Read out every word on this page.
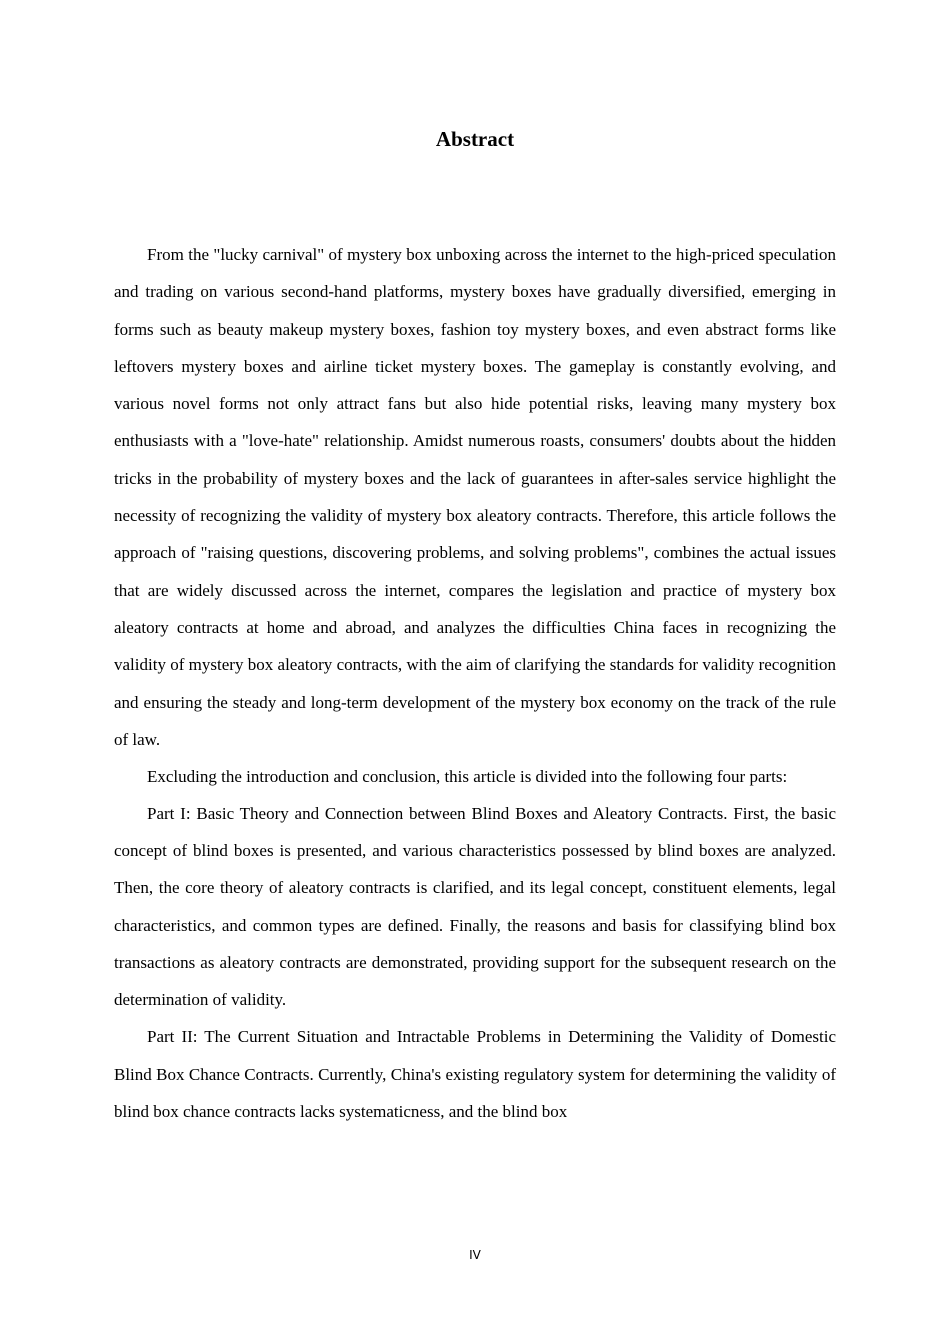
Abstract

From the "lucky carnival" of mystery box unboxing across the internet to the high-priced speculation and trading on various second-hand platforms, mystery boxes have gradually diversified, emerging in forms such as beauty makeup mystery boxes, fashion toy mystery boxes, and even abstract forms like leftovers mystery boxes and airline ticket mystery boxes. The gameplay is constantly evolving, and various novel forms not only attract fans but also hide potential risks, leaving many mystery box enthusiasts with a "love-hate" relationship. Amidst numerous roasts, consumers' doubts about the hidden tricks in the probability of mystery boxes and the lack of guarantees in after-sales service highlight the necessity of recognizing the validity of mystery box aleatory contracts. Therefore, this article follows the approach of "raising questions, discovering problems, and solving problems", combines the actual issues that are widely discussed across the internet, compares the legislation and practice of mystery box aleatory contracts at home and abroad, and analyzes the difficulties China faces in recognizing the validity of mystery box aleatory contracts, with the aim of clarifying the standards for validity recognition and ensuring the steady and long-term development of the mystery box economy on the track of the rule of law.

Excluding the introduction and conclusion, this article is divided into the following four parts:

Part I: Basic Theory and Connection between Blind Boxes and Aleatory Contracts. First, the basic concept of blind boxes is presented, and various characteristics possessed by blind boxes are analyzed. Then, the core theory of aleatory contracts is clarified, and its legal concept, constituent elements, legal characteristics, and common types are defined. Finally, the reasons and basis for classifying blind box transactions as aleatory contracts are demonstrated, providing support for the subsequent research on the determination of validity.

Part II: The Current Situation and Intractable Problems in Determining the Validity of Domestic Blind Box Chance Contracts. Currently, China's existing regulatory system for determining the validity of blind box chance contracts lacks systematicness, and the blind box

IV
